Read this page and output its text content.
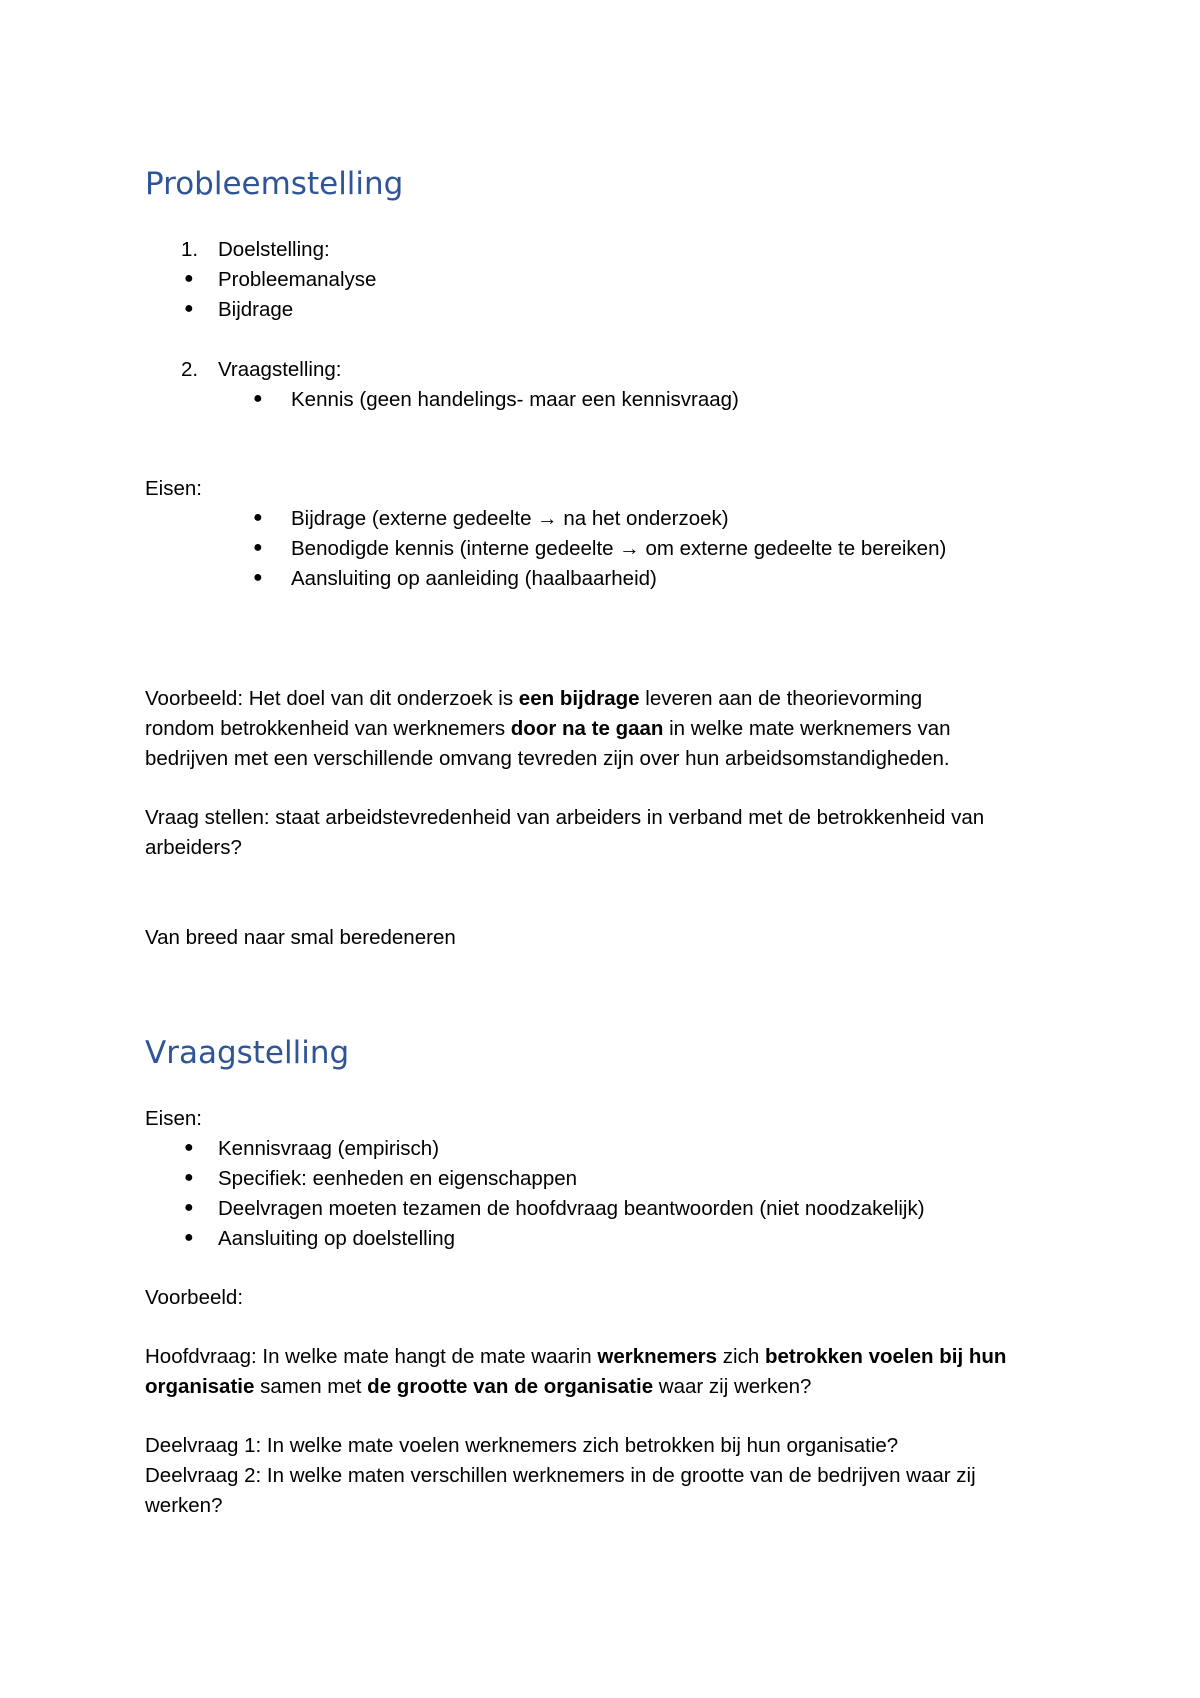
Probleemstelling
1. Doelstelling:
● Probleemanalyse
● Bijdrage
2. Vraagstelling:
● Kennis (geen handelings- maar een kennisvraag)
Eisen:
● Bijdrage (externe gedeelte → na het onderzoek)
● Benodigde kennis (interne gedeelte → om externe gedeelte te bereiken)
● Aansluiting op aanleiding (haalbaarheid)
Voorbeeld: Het doel van dit onderzoek is een bijdrage leveren aan de theorievorming
rondom betrokkenheid van werknemers door na te gaan in welke mate werknemers van
bedrijven met een verschillende omvang tevreden zijn over hun arbeidsomstandigheden.
Vraag stellen: staat arbeidstevredenheid van arbeiders in verband met de betrokkenheid van
arbeiders?
Van breed naar smal beredeneren
Vraagstelling
Eisen:
● Kennisvraag (empirisch)
● Specifiek: eenheden en eigenschappen
● Deelvragen moeten tezamen de hoofdvraag beantwoorden (niet noodzakelijk)
● Aansluiting op doelstelling
Voorbeeld:
Hoofdvraag: In welke mate hangt de mate waarin werknemers zich betrokken voelen bij hun
organisatie samen met de grootte van de organisatie waar zij werken?
Deelvraag 1: In welke mate voelen werknemers zich betrokken bij hun organisatie?
Deelvraag 2: In welke maten verschillen werknemers in de grootte van de bedrijven waar zij
werken?
